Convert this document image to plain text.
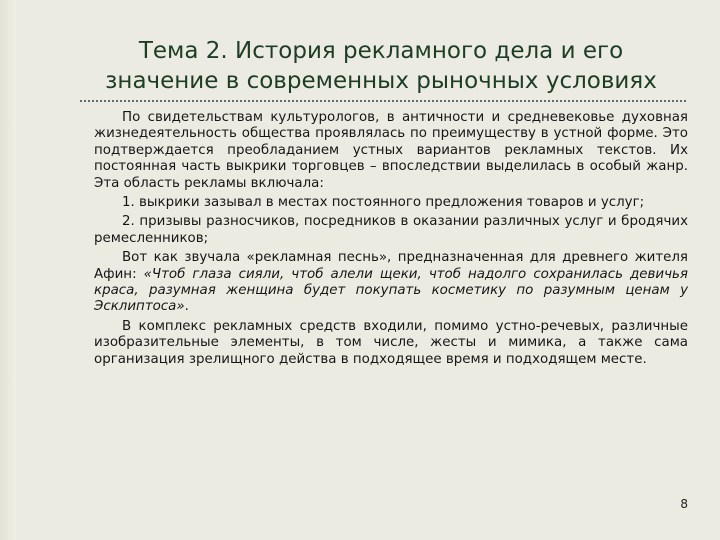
Тема 2. История рекламного дела и его
значение в современных рыночных условиях

По свидетельствам культурологов, в античности и средневековье духовная жизнедеятельность общества проявлялась по преимуществу в устной форме. Это подтверждается преобладанием устных вариантов рекламных текстов. Их постоянная часть выкрики торговцев – впоследствии выделилась в особый жанр. Эта область рекламы включала:

1. выкрики зазывал в местах постоянного предложения товаров и услуг;

2. призывы разносчиков, посредников в оказании различных услуг и бродячих ремесленников;

Вот как звучала «рекламная песнь», предназначенная для древнего жителя Афин: «Чтоб глаза сияли, чтоб алели щеки, чтоб надолго сохранилась девичья краса, разумная женщина будет покупать косметику по разумным ценам у Эсклиптоса».

В комплекс рекламных средств входили, помимо устно-речевых, различные изобразительные элементы, в том числе, жесты и мимика, а также сама организация зрелищного действа в подходящее время и подходящем месте.

8
